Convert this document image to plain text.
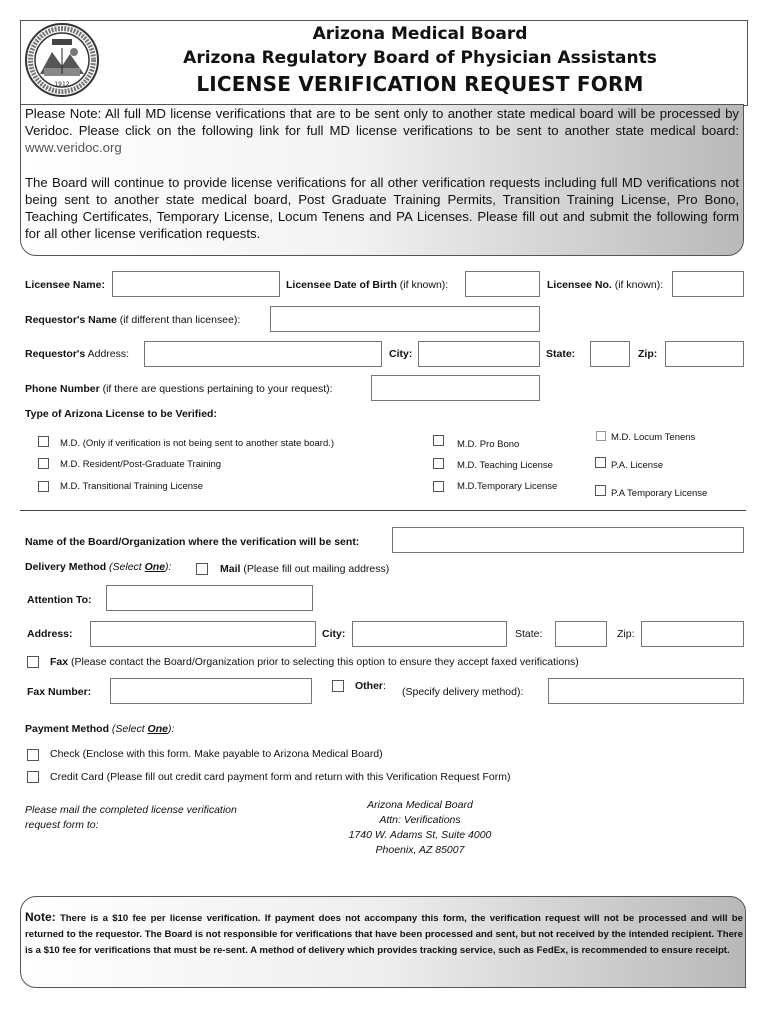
1912
Arizona Medical Board
Arizona Regulatory Board of Physician Assistants
LICENSE VERIFICATION REQUEST FORM

Please Note: All full MD license verifications that are to be sent only to another state medical board will be processed by Veridoc. Please click on the following link for full MD license verifications to be sent to another state medical board: www.veridoc.org

The Board will continue to provide license verifications for all other verification requests including full MD verifications not being sent to another state medical board, Post Graduate Training Permits, Transition Training License, Pro Bono, Teaching Certificates, Temporary License, Locum Tenens and PA Licenses. Please fill out and submit the following form for all other license verification requests.

Licensee Name:	Licensee Date of Birth (if known):	Licensee No. (if known):
Requestor's Name (if different than licensee):
Requestor's Address:	City:	State:	Zip:
Phone Number (if there are questions pertaining to your request):
Type of Arizona License to be Verified:
M.D. (Only if verification is not being sent to another state board.)
M.D. Resident/Post-Graduate Training
M.D. Transitional Training License
M.D. Pro Bono
M.D. Teaching License
M.D.Temporary License
M.D. Locum Tenens
P.A. License
P.A Temporary License
Name of the Board/Organization where the verification will be sent:
Delivery Method (Select One):	Mail (Please fill out mailing address)
Attention To:
Address:	City:	State:	Zip:
Fax (Please contact the Board/Organization prior to selecting this option to ensure they accept faxed verifications)
Fax Number:	Other: (Specify delivery method):
Payment Method (Select One):
Check (Enclose with this form. Make payable to Arizona Medical Board)
Credit Card (Please fill out credit card payment form and return with this Verification Request Form)
Please mail the completed license verification
request form to:
Arizona Medical Board
Attn: Verifications
1740 W. Adams St, Suite 4000
Phoenix, AZ 85007

Note: There is a $10 fee per license verification. If payment does not accompany this form, the verification request will not be processed and will be returned to the requestor. The Board is not responsible for verifications that have been processed and sent, but not received by the intended recipient. There is a $10 fee for verifications that must be re-sent. A method of delivery which provides tracking service, such as FedEx, is recommended to ensure receipt.
